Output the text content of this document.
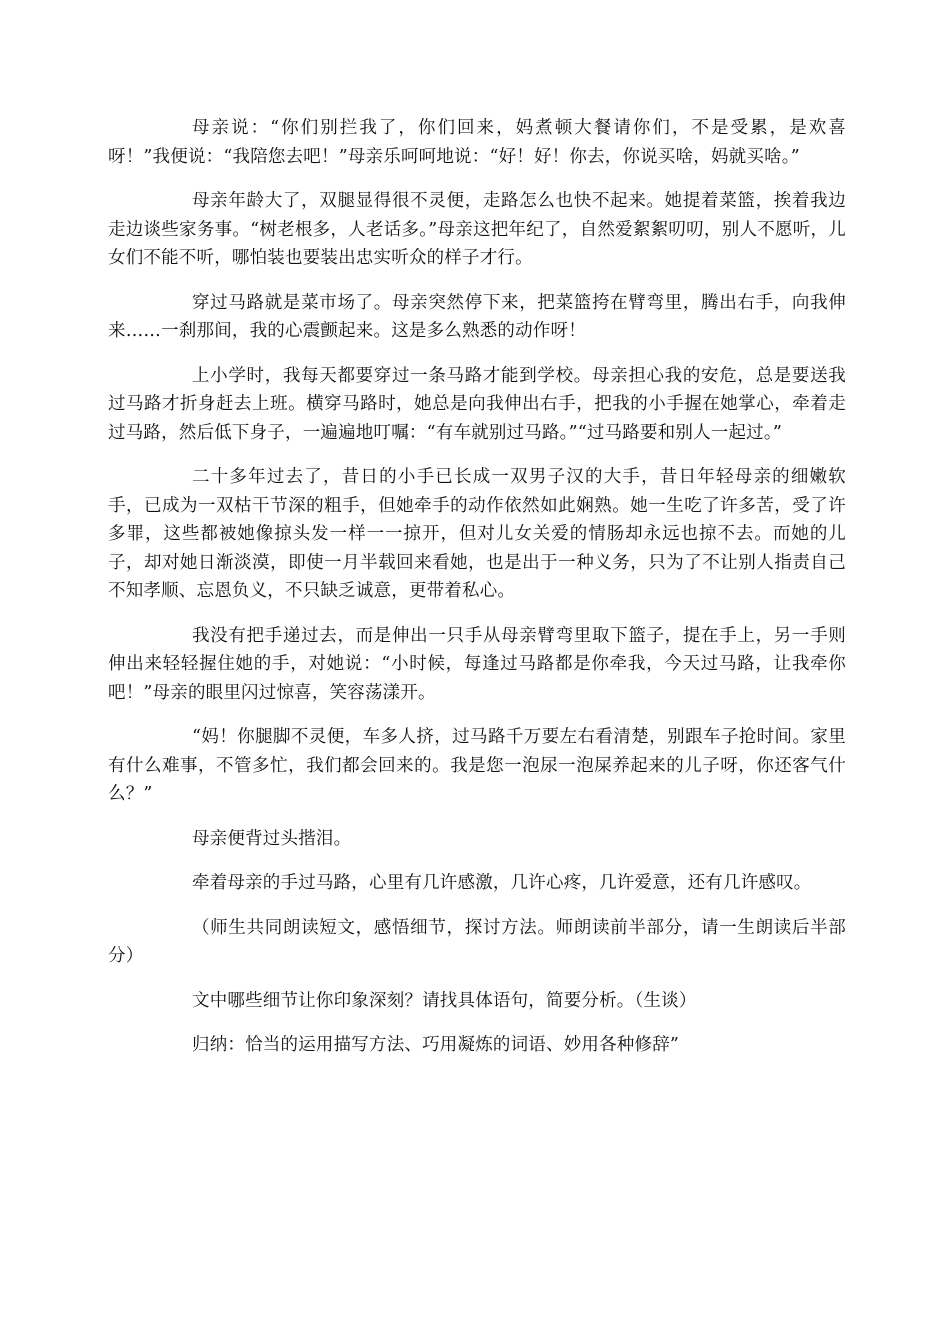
母亲说：“你们别拦我了，你们回来，妈煮顿大餐请你们，不是受累，是欢喜呀！”我便说：“我陪您去吧！”母亲乐呵呵地说：“好！好！你去，你说买啥，妈就买啥。”

母亲年龄大了，双腿显得很不灵便，走路怎么也快不起来。她提着菜篮，挨着我边走边谈些家务事。“树老根多，人老话多。”母亲这把年纪了，自然爱絮絮叨叨，别人不愿听，儿女们不能不听，哪怕装也要装出忠实听众的样子才行。

穿过马路就是菜市场了。母亲突然停下来，把菜篮挎在臂弯里，腾出右手，向我伸来……一刹那间，我的心震颤起来。这是多么熟悉的动作呀！

上小学时，我每天都要穿过一条马路才能到学校。母亲担心我的安危，总是要送我过马路才折身赶去上班。横穿马路时，她总是向我伸出右手，把我的小手握在她掌心，牵着走过马路，然后低下身子，一遍遍地叮嘱：“有车就别过马路。”“过马路要和别人一起过。”

二十多年过去了，昔日的小手已长成一双男子汉的大手，昔日年轻母亲的细嫩软手，已成为一双枯干节深的粗手，但她牵手的动作依然如此娴熟。她一生吃了许多苦，受了许多罪，这些都被她像掠头发一样一一掠开，但对儿女关爱的情肠却永远也掠不去。而她的儿子，却对她日渐淡漠，即使一月半载回来看她，也是出于一种义务，只为了不让别人指责自己不知孝顺、忘恩负义，不只缺乏诚意，更带着私心。

我没有把手递过去，而是伸出一只手从母亲臂弯里取下篮子，提在手上，另一手则伸出来轻轻握住她的手，对她说：“小时候，每逢过马路都是你牵我，今天过马路，让我牵你吧！”母亲的眼里闪过惊喜，笑容荡漾开。

“妈！你腿脚不灵便，车多人挤，过马路千万要左右看清楚，别跟车子抢时间。家里有什么难事，不管多忙，我们都会回来的。我是您一泡尿一泡屎养起来的儿子呀，你还客气什么？”

母亲便背过头揩泪。

牵着母亲的手过马路，心里有几许感激，几许心疼，几许爱意，还有几许感叹。

（师生共同朗读短文，感悟细节，探讨方法。师朗读前半部分，请一生朗读后半部分）

文中哪些细节让你印象深刻？请找具体语句，简要分析。（生谈）

归纳：恰当的运用描写方法、巧用凝炼的词语、妙用各种修辞”
